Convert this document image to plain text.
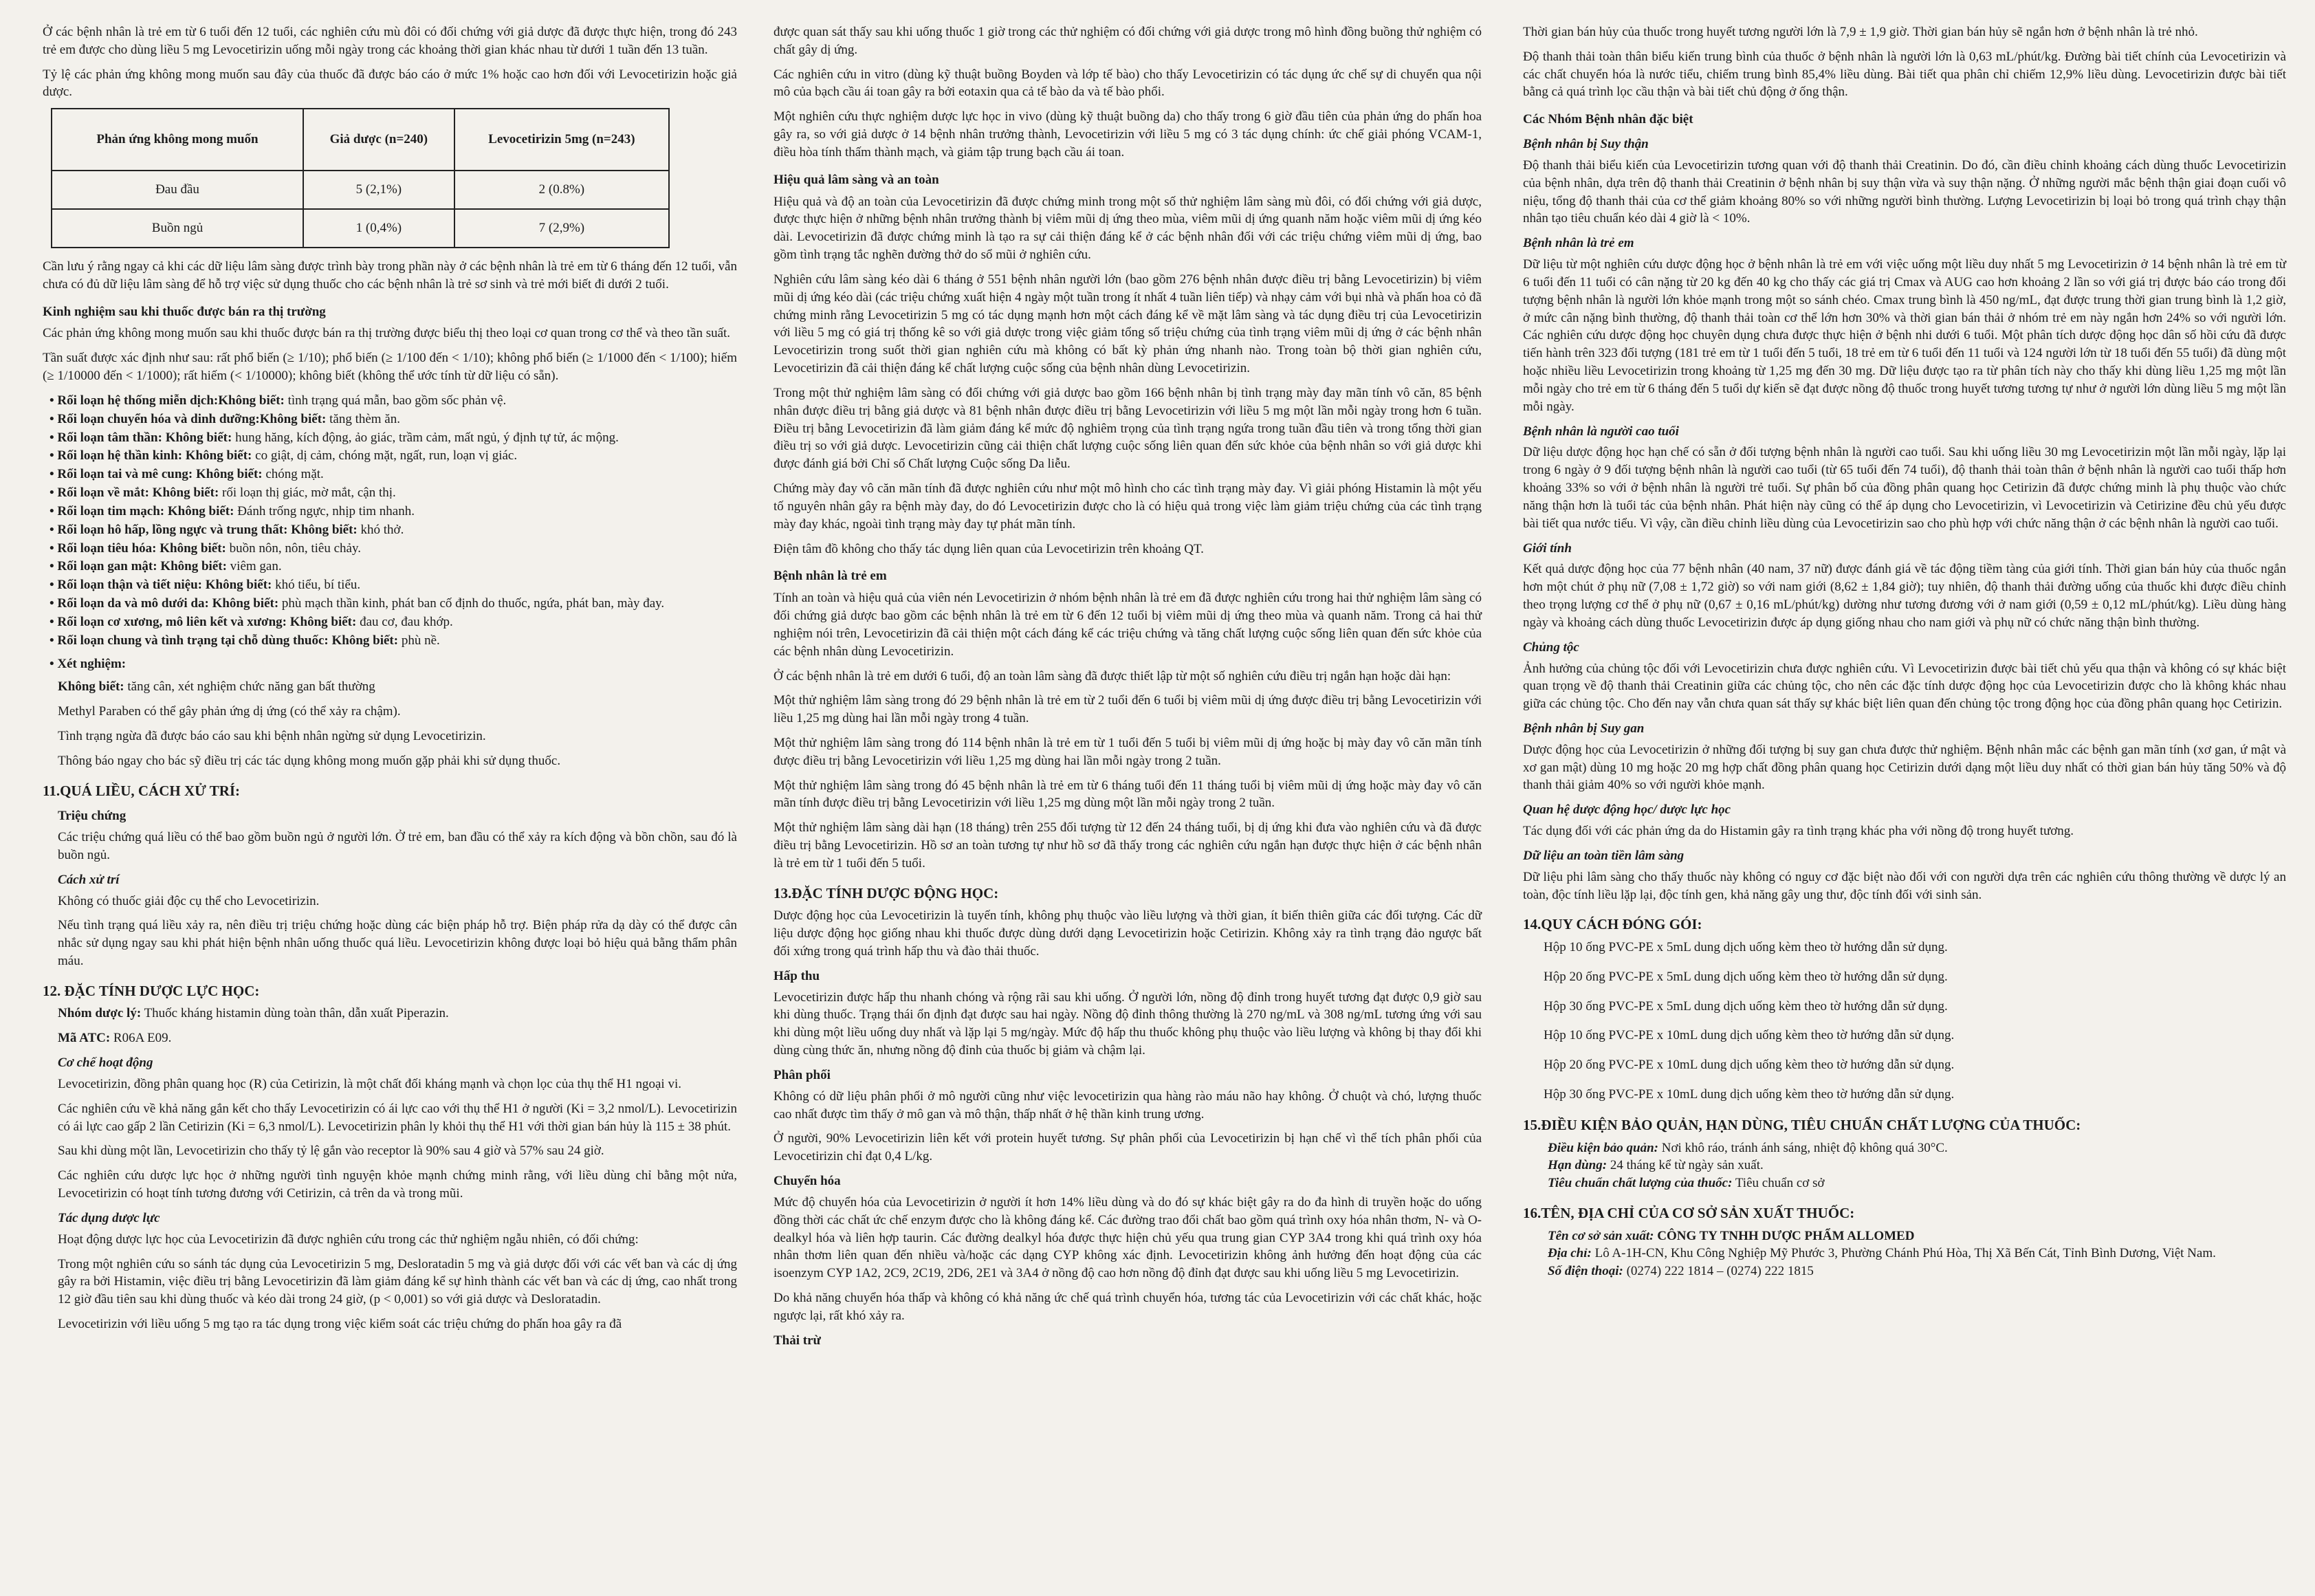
Ở các bệnh nhân là trẻ em từ 6 tuổi đến 12 tuổi, các nghiên cứu mù đôi có đối chứng với giả dược đã được thực hiện, trong đó 243 trẻ em được cho dùng liều 5 mg Levocetirizin uống mỗi ngày trong các khoảng thời gian khác nhau từ dưới 1 tuần đến 13 tuần.

Tỷ lệ các phản ứng không mong muốn sau đây của thuốc đã được báo cáo ở mức 1% hoặc cao hơn đối với Levocetirizin hoặc giả dược.

Phản ứng không mong muốn	Giả dược (n=240)	Levocetirizin 5mg (n=243)
Đau đầu	5 (2,1%)	2 (0.8%)
Buồn ngủ	1 (0,4%)	7 (2,9%)

Cần lưu ý rằng ngay cả khi các dữ liệu lâm sàng được trình bày trong phần này ở các bệnh nhân là trẻ em từ 6 tháng đến 12 tuổi, vẫn chưa có đủ dữ liệu lâm sàng để hỗ trợ việc sử dụng thuốc cho các bệnh nhân là trẻ sơ sinh và trẻ mới biết đi dưới 2 tuổi.

Kinh nghiệm sau khi thuốc được bán ra thị trường

Các phản ứng không mong muốn sau khi thuốc được bán ra thị trường được biểu thị theo loại cơ quan trong cơ thể và theo tần suất.

Tần suất được xác định như sau: rất phổ biến (≥ 1/10); phổ biến (≥ 1/100 đến < 1/10); không phổ biến (≥ 1/1000 đến < 1/100); hiếm (≥ 1/10000 đến < 1/1000); rất hiếm (< 1/10000); không biết (không thể ước tính từ dữ liệu có sẵn).

• Rối loạn hệ thống miễn dịch:Không biết: tình trạng quá mẫn, bao gồm sốc phản vệ.
• Rối loạn chuyển hóa và dinh dưỡng:Không biết: tăng thèm ăn.
• Rối loạn tâm thần: Không biết: hung hăng, kích động, ảo giác, trầm cảm, mất ngủ, ý định tự tử, ác mộng.
• Rối loạn hệ thần kinh: Không biết: co giật, dị cảm, chóng mặt, ngất, run, loạn vị giác.
• Rối loạn tai và mê cung: Không biết: chóng mặt.
• Rối loạn về mắt: Không biết: rối loạn thị giác, mờ mắt, cận thị.
• Rối loạn tim mạch: Không biết: Đánh trống ngực, nhịp tim nhanh.
• Rối loạn hô hấp, lồng ngực và trung thất: Không biết: khó thở.
• Rối loạn tiêu hóa: Không biết: buồn nôn, nôn, tiêu chảy.
• Rối loạn gan mật: Không biết: viêm gan.
• Rối loạn thận và tiết niệu: Không biết: khó tiểu, bí tiểu.
• Rối loạn da và mô dưới da: Không biết: phù mạch thần kinh, phát ban cố định do thuốc, ngứa, phát ban, mày đay.
• Rối loạn cơ xương, mô liên kết và xương: Không biết: đau cơ, đau khớp.
• Rối loạn chung và tình trạng tại chỗ dùng thuốc: Không biết: phù nề.
• Xét nghiệm:

Không biết: tăng cân, xét nghiệm chức năng gan bất thường

Methyl Paraben có thể gây phản ứng dị ứng (có thể xảy ra chậm).

Tình trạng ngừa đã được báo cáo sau khi bệnh nhân ngừng sử dụng Levocetirizin.

Thông báo ngay cho bác sỹ điều trị các tác dụng không mong muốn gặp phải khi sử dụng thuốc.

11.QUÁ LIỀU, CÁCH XỬ TRÍ:
Triệu chứng

Các triệu chứng quá liều có thể bao gồm buồn ngủ ở người lớn. Ở trẻ em, ban đầu có thể xảy ra kích động và bồn chồn, sau đó là buồn ngủ.

Cách xử trí

Không có thuốc giải độc cụ thể cho Levocetirizin.

Nếu tình trạng quá liều xảy ra, nên điều trị triệu chứng hoặc dùng các biện pháp hỗ trợ. Biện pháp rửa dạ dày có thể được cân nhắc sử dụng ngay sau khi phát hiện bệnh nhân uống thuốc quá liều. Levocetirizin không được loại bỏ hiệu quả bằng thẩm phân máu.

12. ĐẶC TÍNH DƯỢC LỰC HỌC:

Nhóm dược lý: Thuốc kháng histamin dùng toàn thân, dẫn xuất Piperazin.

Mã ATC: R06A E09.

Cơ chế hoạt động

Levocetirizin, đồng phân quang học (R) của Cetirizin, là một chất đối kháng mạnh và chọn lọc của thụ thể H1 ngoại vi.

Các nghiên cứu về khả năng gắn kết cho thấy Levocetirizin có ái lực cao với thụ thể H1 ở người (Ki = 3,2 nmol/L). Levocetirizin có ái lực cao gấp 2 lần Cetirizin (Ki = 6,3 nmol/L). Levocetirizin phân ly khỏi thụ thể H1 với thời gian bán hủy là 115 ± 38 phút.

Sau khi dùng một lần, Levocetirizin cho thấy tỷ lệ gắn vào receptor là 90% sau 4 giờ và 57% sau 24 giờ.

Các nghiên cứu dược lực học ở những người tình nguyện khỏe mạnh chứng minh rằng, với liều dùng chỉ bằng một nửa, Levocetirizin có hoạt tính tương đương với Cetirizin, cả trên da và trong mũi.

Tác dụng dược lực

Hoạt động dược lực học của Levocetirizin đã được nghiên cứu trong các thử nghiệm ngẫu nhiên, có đối chứng:

Trong một nghiên cứu so sánh tác dụng của Levocetirizin 5 mg, Desloratadin 5 mg và giả dược đối với các vết ban và các dị ứng gây ra bởi Histamin, việc điều trị bằng Levocetirizin đã làm giảm đáng kể sự hình thành các vết ban và các dị ứng, cao nhất trong 12 giờ đầu tiên sau khi dùng thuốc và kéo dài trong 24 giờ, (p < 0,001) so với giả dược và Desloratadin.

Levocetirizin với liều uống 5 mg tạo ra tác dụng trong việc kiểm soát các triệu chứng do phấn hoa gây ra đã

được quan sát thấy sau khi uống thuốc 1 giờ trong các thử nghiệm có đối chứng với giả dược trong mô hình đồng buồng thử nghiệm có chất gây dị ứng.

Các nghiên cứu in vitro (dùng kỹ thuật buồng Boyden và lớp tế bào) cho thấy Levocetirizin có tác dụng ức chế sự di chuyển qua nội mô của bạch cầu ái toan gây ra bởi eotaxin qua cả tế bào da và tế bào phổi.

Một nghiên cứu thực nghiệm dược lực học in vivo (dùng kỹ thuật buồng da) cho thấy trong 6 giờ đầu tiên của phản ứng do phấn hoa gây ra, so với giả dược ở 14 bệnh nhân trưởng thành, Levocetirizin với liều 5 mg có 3 tác dụng chính: ức chế giải phóng VCAM-1, điều hòa tính thấm thành mạch, và giảm tập trung bạch cầu ái toan.

Hiệu quả lâm sàng và an toàn

Hiệu quả và độ an toàn của Levocetirizin đã được chứng minh trong một số thử nghiệm lâm sàng mù đôi, có đối chứng với giả dược, được thực hiện ở những bệnh nhân trưởng thành bị viêm mũi dị ứng theo mùa, viêm mũi dị ứng quanh năm hoặc viêm mũi dị ứng kéo dài. Levocetirizin đã được chứng minh là tạo ra sự cải thiện đáng kể ở các bệnh nhân đối với các triệu chứng viêm mũi dị ứng, bao gồm tình trạng tắc nghẽn đường thở do sổ mũi ở nghiên cứu.

Nghiên cứu lâm sàng kéo dài 6 tháng ở 551 bệnh nhân người lớn (bao gồm 276 bệnh nhân được điều trị bằng Levocetirizin) bị viêm mũi dị ứng kéo dài (các triệu chứng xuất hiện 4 ngày một tuần trong ít nhất 4 tuần liên tiếp) và nhạy cảm với bụi nhà và phấn hoa cỏ đã chứng minh rằng Levocetirizin 5 mg có tác dụng mạnh hơn một cách đáng kể về mặt lâm sàng và tác dụng điều trị của Levocetirizin với liều 5 mg có giá trị thống kê so với giả dược trong việc giảm tổng số triệu chứng của tình trạng viêm mũi dị ứng ở các bệnh nhân Levocetirizin trong suốt thời gian nghiên cứu mà không có bất kỳ phản ứng nhanh nào. Trong toàn bộ thời gian nghiên cứu, Levocetirizin đã cải thiện đáng kể chất lượng cuộc sống của bệnh nhân dùng Levocetirizin.

Trong một thử nghiệm lâm sàng có đối chứng với giả dược bao gồm 166 bệnh nhân bị tình trạng mày đay mãn tính vô căn, 85 bệnh nhân được điều trị bằng giả dược và 81 bệnh nhân được điều trị bằng Levocetirizin với liều 5 mg một lần mỗi ngày trong hơn 6 tuần. Điều trị bằng Levocetirizin đã làm giảm đáng kể mức độ nghiêm trọng của tình trạng ngứa trong tuần đầu tiên và trong tổng thời gian điều trị so với giả dược. Levocetirizin cũng cải thiện chất lượng cuộc sống liên quan đến sức khỏe của bệnh nhân so với giả dược khi được đánh giá bởi Chỉ số Chất lượng Cuộc sống Da liễu.

Chứng mày đay vô căn mãn tính đã được nghiên cứu như một mô hình cho các tình trạng mày đay. Vì giải phóng Histamin là một yếu tố nguyên nhân gây ra bệnh mày đay, do đó Levocetirizin được cho là có hiệu quả trong việc làm giảm triệu chứng của các tình trạng mày đay khác, ngoài tình trạng mày đay tự phát mãn tính.

Điện tâm đồ không cho thấy tác dụng liên quan của Levocetirizin trên khoảng QT.

Bệnh nhân là trẻ em

Tính an toàn và hiệu quả của viên nén Levocetirizin ở nhóm bệnh nhân là trẻ em đã được nghiên cứu trong hai thử nghiệm lâm sàng có đối chứng giả dược bao gồm các bệnh nhân là trẻ em từ 6 đến 12 tuổi bị viêm mũi dị ứng theo mùa và quanh năm. Trong cả hai thử nghiệm nói trên, Levocetirizin đã cải thiện một cách đáng kể các triệu chứng và tăng chất lượng cuộc sống liên quan đến sức khỏe của các bệnh nhân dùng Levocetirizin.

Ở các bệnh nhân là trẻ em dưới 6 tuổi, độ an toàn lâm sàng đã được thiết lập từ một số nghiên cứu điều trị ngắn hạn hoặc dài hạn:

Một thử nghiệm lâm sàng trong đó 29 bệnh nhân là trẻ em từ 2 tuổi đến 6 tuổi bị viêm mũi dị ứng được điều trị bằng Levocetirizin với liều 1,25 mg dùng hai lần mỗi ngày trong 4 tuần.

Một thử nghiệm lâm sàng trong đó 114 bệnh nhân là trẻ em từ 1 tuổi đến 5 tuổi bị viêm mũi dị ứng hoặc bị mày đay vô căn mãn tính được điều trị bằng Levocetirizin với liều 1,25 mg dùng hai lần mỗi ngày trong 2 tuần.

Một thử nghiệm lâm sàng trong đó 45 bệnh nhân là trẻ em từ 6 tháng tuổi đến 11 tháng tuổi bị viêm mũi dị ứng hoặc mày đay vô căn mãn tính được điều trị bằng Levocetirizin với liều 1,25 mg dùng một lần mỗi ngày trong 2 tuần.

Một thử nghiệm lâm sàng dài hạn (18 tháng) trên 255 đối tượng từ 12 đến 24 tháng tuổi, bị dị ứng khi đưa vào nghiên cứu và đã được điều trị bằng Levocetirizin. Hồ sơ an toàn tương tự như hồ sơ đã thấy trong các nghiên cứu ngắn hạn được thực hiện ở các bệnh nhân là trẻ em từ 1 tuổi đến 5 tuổi.

13.ĐẶC TÍNH DƯỢC ĐỘNG HỌC:

Dược động học của Levocetirizin là tuyến tính, không phụ thuộc vào liều lượng và thời gian, ít biến thiên giữa các đối tượng. Các dữ liệu dược động học giống nhau khi thuốc được dùng dưới dạng Levocetirizin hoặc Cetirizin. Không xảy ra tình trạng đảo ngược bất đối xứng trong quá trình hấp thu và đào thải thuốc.

Hấp thu

Levocetirizin được hấp thu nhanh chóng và rộng rãi sau khi uống. Ở người lớn, nồng độ đỉnh trong huyết tương đạt được 0,9 giờ sau khi dùng thuốc. Trạng thái ổn định đạt được sau hai ngày. Nồng độ đỉnh thông thường là 270 ng/mL và 308 ng/mL tương ứng với sau khi dùng một liều uống duy nhất và lặp lại 5 mg/ngày. Mức độ hấp thu thuốc không phụ thuộc vào liều lượng và không bị thay đổi khi dùng cùng thức ăn, nhưng nồng độ đỉnh của thuốc bị giảm và chậm lại.

Phân phối

Không có dữ liệu phân phối ở mô người cũng như việc levocetirizin qua hàng rào máu não hay không. Ở chuột và chó, lượng thuốc cao nhất được tìm thấy ở mô gan và mô thận, thấp nhất ở hệ thần kinh trung ương.

Ở người, 90% Levocetirizin liên kết với protein huyết tương. Sự phân phối của Levocetirizin bị hạn chế vì thể tích phân phối của Levocetirizin chỉ đạt 0,4 L/kg.

Chuyển hóa

Mức độ chuyển hóa của Levocetirizin ở người ít hơn 14% liều dùng và do đó sự khác biệt gây ra do đa hình di truyền hoặc do uống đồng thời các chất ức chế enzym được cho là không đáng kể. Các đường trao đổi chất bao gồm quá trình oxy hóa nhân thơm, N- và O- dealkyl hóa và liên hợp taurin. Các đường dealkyl hóa được thực hiện chủ yếu qua trung gian CYP 3A4 trong khi quá trình oxy hóa nhân thơm liên quan đến nhiều và/hoặc các dạng CYP không xác định. Levocetirizin không ảnh hưởng đến hoạt động của các isoenzym CYP 1A2, 2C9, 2C19, 2D6, 2E1 và 3A4 ở nồng độ cao hơn nồng độ đỉnh đạt được sau khi uống liều 5 mg Levocetirizin.

Do khả năng chuyển hóa thấp và không có khả năng ức chế quá trình chuyển hóa, tương tác của Levocetirizin với các chất khác, hoặc ngược lại, rất khó xảy ra.

Thải trừ

Thời gian bán hủy của thuốc trong huyết tương người lớn là 7,9 ± 1,9 giờ. Thời gian bán hủy sẽ ngắn hơn ở bệnh nhân là trẻ nhỏ.

Độ thanh thải toàn thân biểu kiến trung bình của thuốc ở bệnh nhân là người lớn là 0,63 mL/phút/kg. Đường bài tiết chính của Levocetirizin và các chất chuyển hóa là nước tiểu, chiếm trung bình 85,4% liều dùng. Bài tiết qua phân chỉ chiếm 12,9% liều dùng. Levocetirizin được bài tiết bằng cả quá trình lọc cầu thận và bài tiết chủ động ở ống thận.

Các Nhóm Bệnh nhân đặc biệt
Bệnh nhân bị Suy thận

Độ thanh thải biểu kiến của Levocetirizin tương quan với độ thanh thải Creatinin. Do đó, cần điều chỉnh khoảng cách dùng thuốc Levocetirizin của bệnh nhân, dựa trên độ thanh thải Creatinin ở bệnh nhân bị suy thận vừa và suy thận nặng. Ở những người mắc bệnh thận giai đoạn cuối vô niệu, tổng độ thanh thải của cơ thể giảm khoảng 80% so với những người bình thường. Lượng Levocetirizin bị loại bỏ trong quá trình chạy thận nhân tạo tiêu chuẩn kéo dài 4 giờ là < 10%.

Bệnh nhân là trẻ em

Dữ liệu từ một nghiên cứu dược động học ở bệnh nhân là trẻ em với việc uống một liều duy nhất 5 mg Levocetirizin ở 14 bệnh nhân là trẻ em từ 6 tuổi đến 11 tuổi có cân nặng từ 20 kg đến 40 kg cho thấy các giá trị Cmax và AUG cao hơn khoảng 2 lần so với giá trị được báo cáo trong đối tượng bệnh nhân là người lớn khỏe mạnh trong một so sánh chéo. Cmax trung bình là 450 ng/mL, đạt được trung thời gian trung bình là 1,2 giờ, ở mức cân nặng bình thường, độ thanh thải toàn cơ thể lớn hơn 30% và thời gian bán thải ở nhóm trẻ em này ngắn hơn 24% so với người lớn. Các nghiên cứu dược động học chuyên dụng chưa được thực hiện ở bệnh nhi dưới 6 tuổi. Một phân tích dược động học dân số hồi cứu đã được tiến hành trên 323 đối tượng (181 trẻ em từ 1 tuổi đến 5 tuổi, 18 trẻ em từ 6 tuổi đến 11 tuổi và 124 người lớn từ 18 tuổi đến 55 tuổi) đã dùng một hoặc nhiều liều Levocetirizin trong khoảng từ 1,25 mg đến 30 mg. Dữ liệu được tạo ra từ phân tích này cho thấy khi dùng liều 1,25 mg một lần mỗi ngày cho trẻ em từ 6 tháng đến 5 tuổi dự kiến sẽ đạt được nồng độ thuốc trong huyết tương tương tự như ở người lớn dùng liều 5 mg một lần mỗi ngày.

Bệnh nhân là người cao tuổi

Dữ liệu dược động học hạn chế có sẵn ở đối tượng bệnh nhân là người cao tuổi. Sau khi uống liều 30 mg Levocetirizin một lần mỗi ngày, lặp lại trong 6 ngày ở 9 đối tượng bệnh nhân là người cao tuổi (từ 65 tuổi đến 74 tuổi), độ thanh thải toàn thân ở bệnh nhân là người cao tuổi thấp hơn khoảng 33% so với ở bệnh nhân là người trẻ tuổi. Sự phân bố của đồng phân quang học Cetirizin đã được chứng minh là phụ thuộc vào chức năng thận hơn là tuổi tác của bệnh nhân. Phát hiện này cũng có thể áp dụng cho Levocetirizin, vì Levocetirizin và Cetirizine đều chủ yếu được bài tiết qua nước tiểu. Vì vậy, cần điều chỉnh liều dùng của Levocetirizin sao cho phù hợp với chức năng thận ở các bệnh nhân là người cao tuổi.

Giới tính

Kết quả dược động học của 77 bệnh nhân (40 nam, 37 nữ) được đánh giá về tác động tiềm tàng của giới tính. Thời gian bán hủy của thuốc ngắn hơn một chút ở phụ nữ (7,08 ± 1,72 giờ) so với nam giới (8,62 ± 1,84 giờ); tuy nhiên, độ thanh thải đường uống của thuốc khi được điều chỉnh theo trọng lượng cơ thể ở phụ nữ (0,67 ± 0,16 mL/phút/kg) dường như tương đương với ở nam giới (0,59 ± 0,12 mL/phút/kg). Liều dùng hàng ngày và khoảng cách dùng thuốc Levocetirizin được áp dụng giống nhau cho nam giới và phụ nữ có chức năng thận bình thường.

Chủng tộc

Ảnh hưởng của chủng tộc đối với Levocetirizin chưa được nghiên cứu. Vì Levocetirizin được bài tiết chủ yếu qua thận và không có sự khác biệt quan trọng về độ thanh thải Creatinin giữa các chủng tộc, cho nên các đặc tính dược động học của Levocetirizin được cho là không khác nhau giữa các chủng tộc. Cho đến nay vẫn chưa quan sát thấy sự khác biệt liên quan đến chủng tộc trong động học của đồng phân quang học Cetirizin.

Bệnh nhân bị Suy gan

Dược động học của Levocetirizin ở những đối tượng bị suy gan chưa được thử nghiệm. Bệnh nhân mắc các bệnh gan mãn tính (xơ gan, ứ mật và xơ gan mật) dùng 10 mg hoặc 20 mg hợp chất đồng phân quang học Cetirizin dưới dạng một liều duy nhất có thời gian bán hủy tăng 50% và độ thanh thải giảm 40% so với người khỏe mạnh.

Quan hệ dược động học/ dược lực học

Tác dụng đối với các phản ứng da do Histamin gây ra tình trạng khác pha với nồng độ trong huyết tương.

Dữ liệu an toàn tiền lâm sàng

Dữ liệu phi lâm sàng cho thấy thuốc này không có nguy cơ đặc biệt nào đối với con người dựa trên các nghiên cứu thông thường về dược lý an toàn, độc tính liều lặp lại, độc tính gen, khả năng gây ung thư, độc tính đối với sinh sản.

14.QUY CÁCH ĐÓNG GÓI:

Hộp 10 ống PVC-PE x 5mL dung dịch uống kèm theo tờ hướng dẫn sử dụng.

Hộp 20 ống PVC-PE x 5mL dung dịch uống kèm theo tờ hướng dẫn sử dụng.

Hộp 30 ống PVC-PE x 5mL dung dịch uống kèm theo tờ hướng dẫn sử dụng.

Hộp 10 ống PVC-PE x 10mL dung dịch uống kèm theo tờ hướng dẫn sử dụng.

Hộp 20 ống PVC-PE x 10mL dung dịch uống kèm theo tờ hướng dẫn sử dụng.

Hộp 30 ống PVC-PE x 10mL dung dịch uống kèm theo tờ hướng dẫn sử dụng.

15.ĐIỀU KIỆN BẢO QUẢN, HẠN DÙNG, TIÊU CHUẨN CHẤT LƯỢNG CỦA THUỐC:

Điều kiện bảo quản: Nơi khô ráo, tránh ánh sáng, nhiệt độ không quá 30°C.

Hạn dùng: 24 tháng kể từ ngày sản xuất.

Tiêu chuẩn chất lượng của thuốc: Tiêu chuẩn cơ sở

16.TÊN, ĐỊA CHỈ CỦA CƠ SỞ SẢN XUẤT THUỐC:

Tên cơ sở sản xuất: CÔNG TY TNHH DƯỢC PHẨM ALLOMED

Địa chỉ: Lô A-1H-CN, Khu Công Nghiệp Mỹ Phước 3, Phường Chánh Phú Hòa, Thị Xã Bến Cát, Tỉnh Bình Dương, Việt Nam.

Số điện thoại: (0274) 222 1814 – (0274) 222 1815
